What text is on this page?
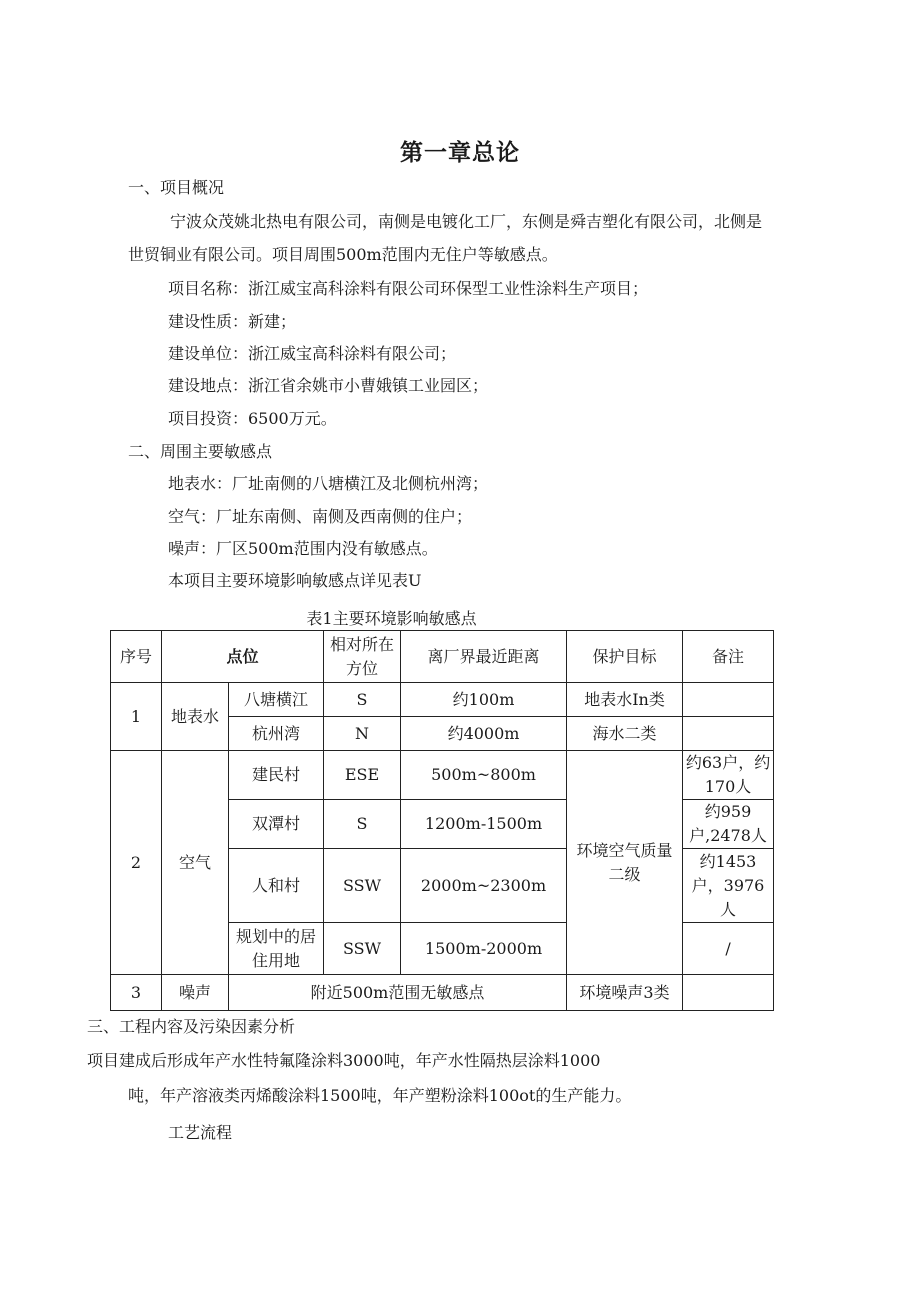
第一章总论
一、项目概况
宁波众茂姚北热电有限公司，南侧是电镀化工厂，东侧是舜吉塑化有限公司，北侧是
世贸铜业有限公司。项目周围500m范围内无住户等敏感点。
项目名称：浙江威宝高科涂料有限公司环保型工业性涂料生产项目；
建设性质：新建；
建设单位：浙江威宝高科涂料有限公司；
建设地点：浙江省余姚市小曹娥镇工业园区；
项目投资：6500万元。
二、周围主要敏感点
地表水：厂址南侧的八塘横江及北侧杭州湾；
空气：厂址东南侧、南侧及西南侧的住户；
噪声：厂区500m范围内没有敏感点。
本项目主要环境影响敏感点详见表U
表1主要环境影响敏感点
序号	点位		相对所在方位	离厂界最近距离	保护目标	备注
1	地表水	八塘横江	S	约100m	地表水In类	
		杭州湾	N	约4000m	海水二类	
2	空气	建民村	ESE	500m~800m	环境空气质量二级	约63户，约170人
		双潭村	S	1200m-1500m		约959户,2478人
		人和村	SSW	2000m~2300m		约1453户，3976人
		规划中的居住用地	SSW	1500m-2000m		/
3	噪声	附近500m范围无敏感点			环境噪声3类	
三、工程内容及污染因素分析
项目建成后形成年产水性特氟隆涂料3000吨，年产水性隔热层涂料1000
吨，年产溶液类丙烯酸涂料1500吨，年产塑粉涂料100ot的生产能力。
工艺流程
